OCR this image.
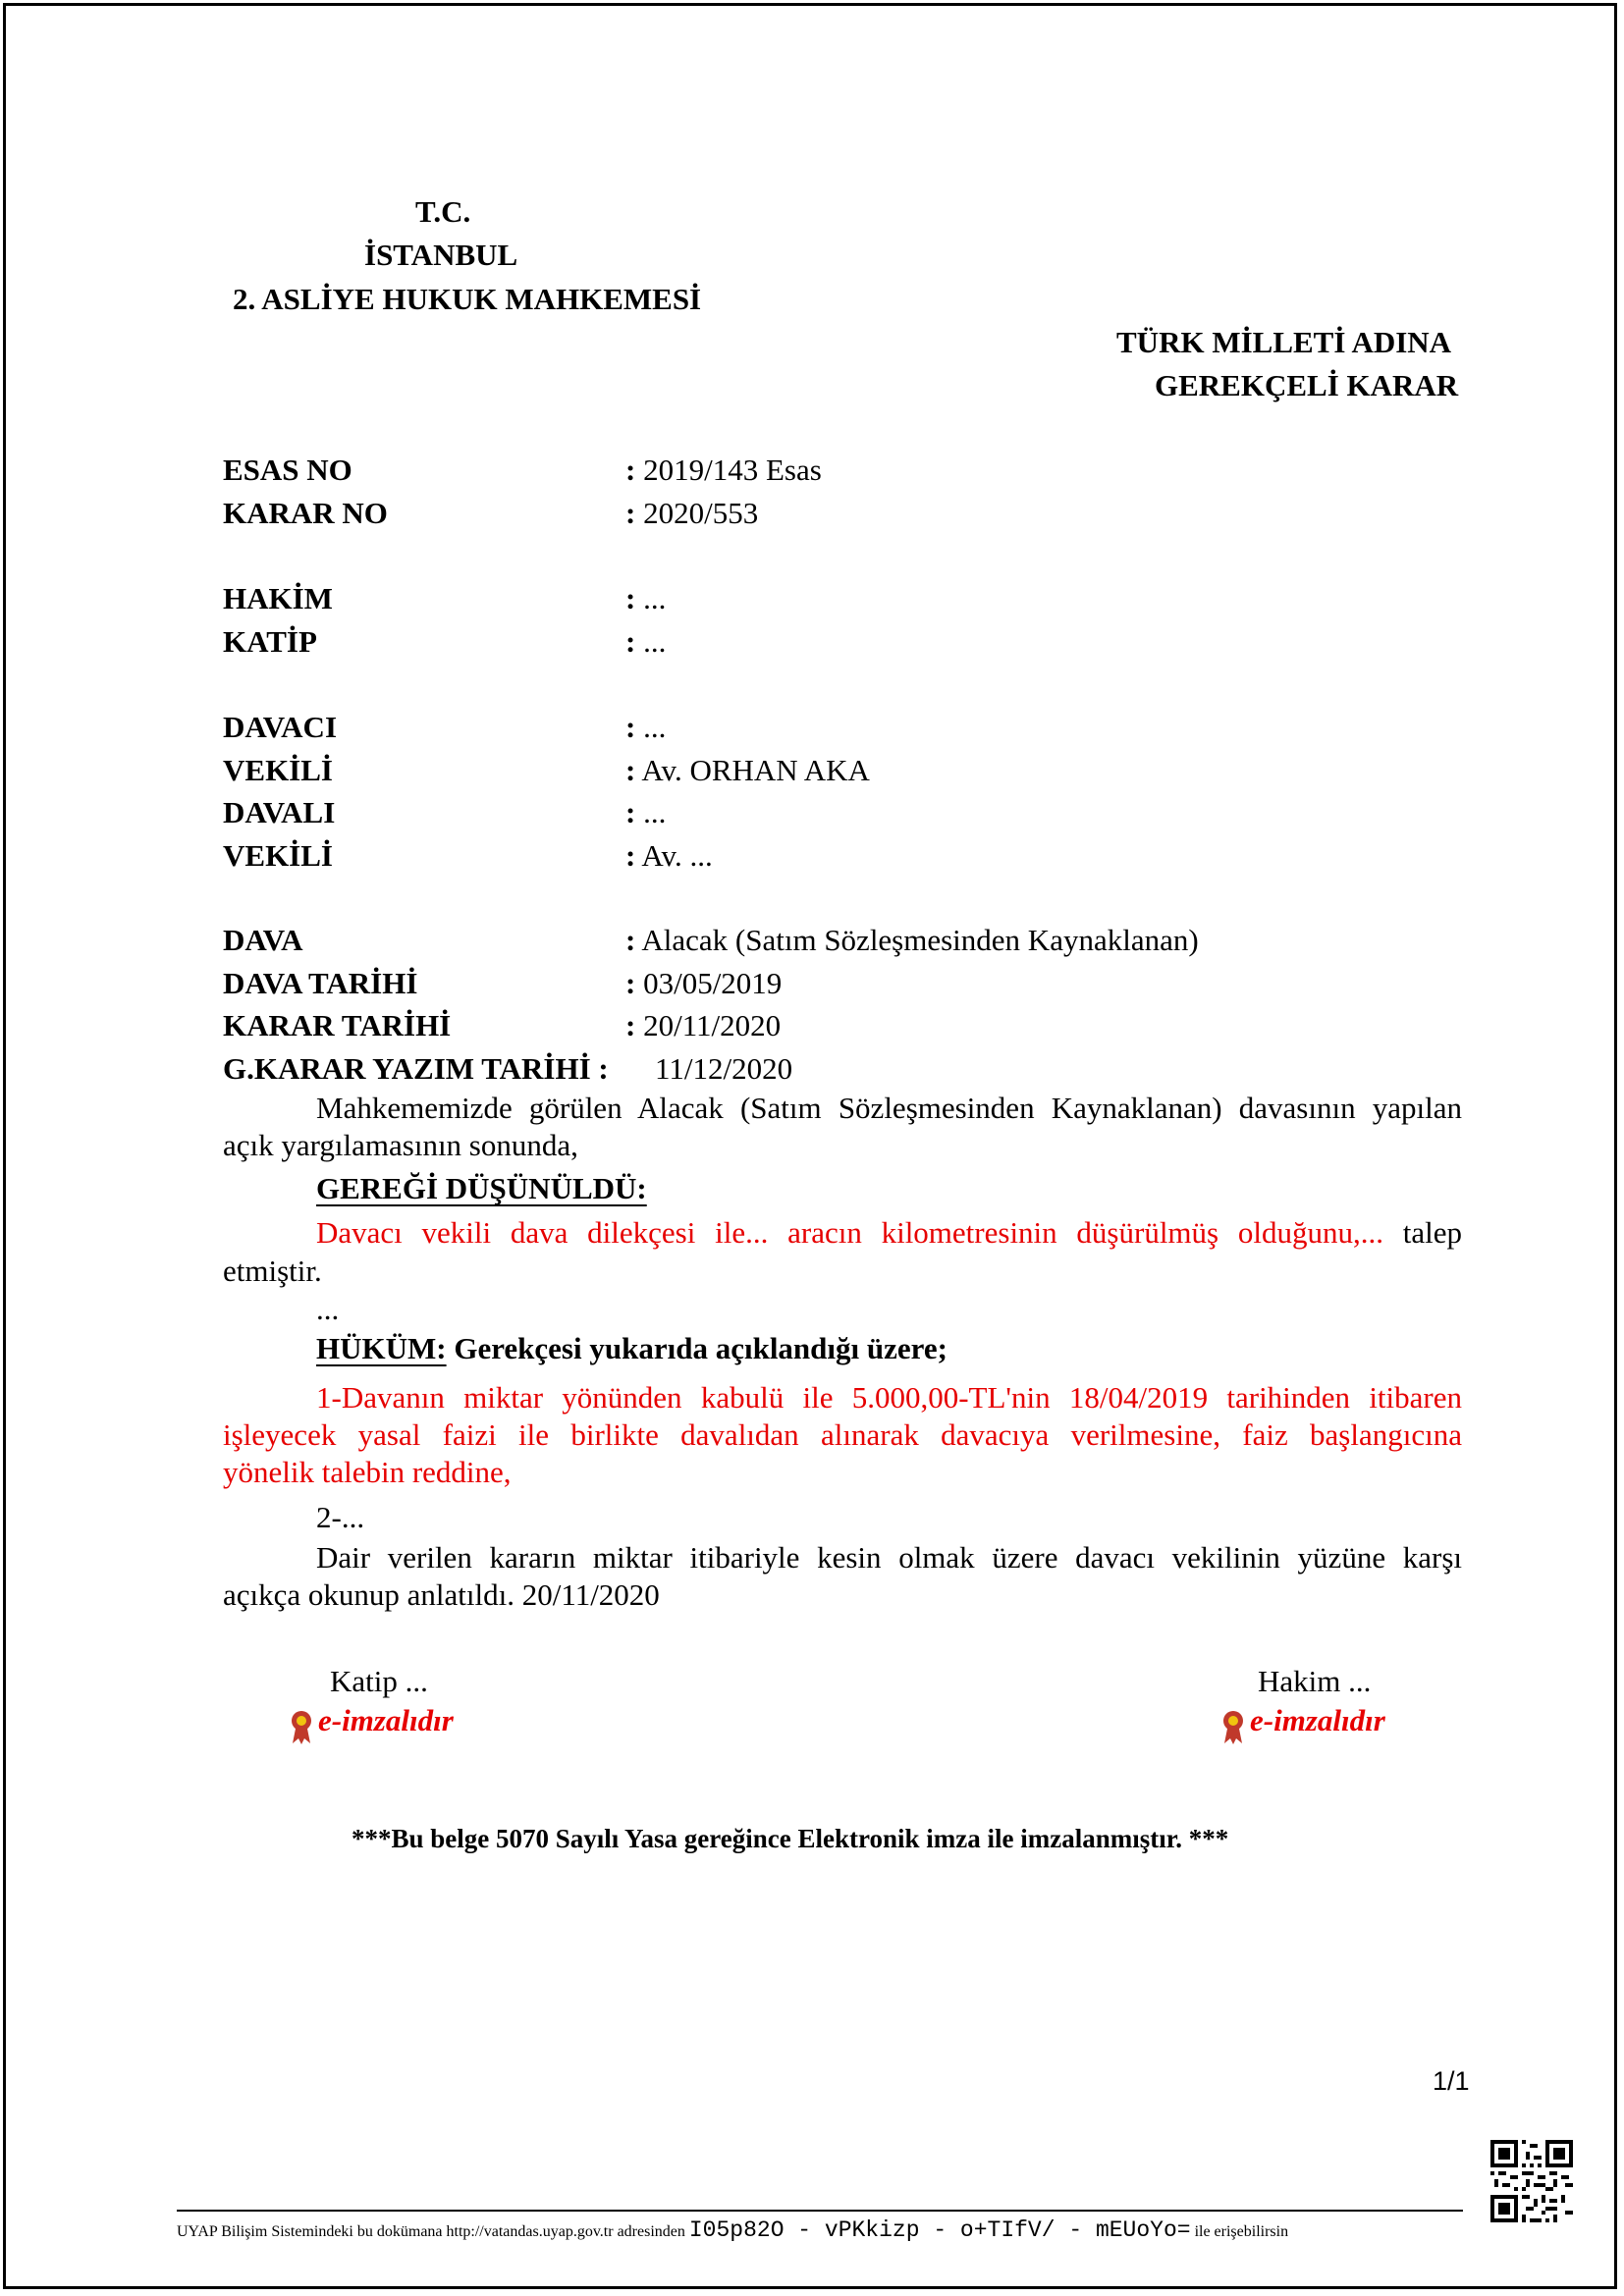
T.C.
İSTANBUL
2. ASLİYE HUKUK MAHKEMESİ
TÜRK MİLLETİ ADINA
GEREKÇELİ KARAR
ESAS NO	: 2019/143 Esas
KARAR NO	: 2020/553
HAKİM	: ...
KATİP	: ...
DAVACI	: ...
VEKİLİ	: Av. ORHAN AKA
DAVALI	: ...
VEKİLİ	: Av. ...
DAVA	: Alacak (Satım Sözleşmesinden Kaynaklanan)
DAVA TARİHİ	: 03/05/2019
KARAR TARİHİ	: 20/11/2020
G.KARAR YAZIM TARİHİ : 11/12/2020
Mahkememizde görülen Alacak (Satım Sözleşmesinden Kaynaklanan) davasının yapılan
açık yargılamasının sonunda,
GEREĞİ DÜŞÜNÜLDÜ:
Davacı vekili dava dilekçesi ile... aracın kilometresinin düşürülmüş olduğunu,... talep
etmiştir.
...
HÜKÜM: Gerekçesi yukarıda açıklandığı üzere;
1-Davanın miktar yönünden kabulü ile 5.000,00-TL'nin 18/04/2019 tarihinden itibaren
işleyecek yasal faizi ile birlikte davalıdan alınarak davacıya verilmesine, faiz başlangıcına
yönelik talebin reddine,
2-...
Dair verilen kararın miktar itibariyle kesin olmak üzere davacı vekilinin yüzüne karşı
açıkça okunup anlatıldı. 20/11/2020
Katip ...
e-imzalıdır
Hakim ...
e-imzalıdır
***Bu belge 5070 Sayılı Yasa gereğince Elektronik imza ile imzalanmıştır. ***
1/1
UYAP Bilişim Sistemindeki bu dokümana http://vatandas.uyap.gov.tr adresinden I05p82O - vPKkizp - o+TIfV/ - mEUoYo= ile erişebilirsin
